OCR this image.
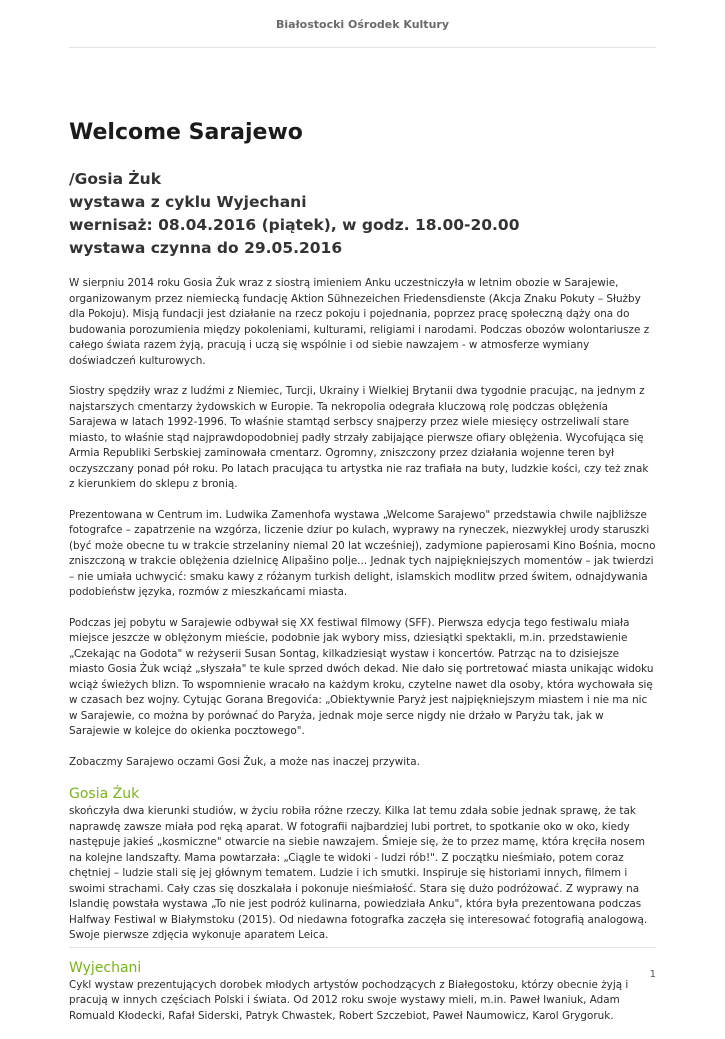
Białostocki Ośrodek Kultury
Welcome Sarajewo
/Gosia Żuk
wystawa z cyklu Wyjechani
wernisaż: 08.04.2016 (piątek), w godz. 18.00-20.00
wystawa czynna do 29.05.2016

W sierpniu 2014 roku Gosia Żuk wraz z siostrą imieniem Anku uczestniczyła w letnim obozie w Sarajewie, organizowanym przez niemiecką fundację Aktion Sühnezeichen Friedensdienste (Akcja Znaku Pokuty – Służby dla Pokoju). Misją fundacji jest działanie na rzecz pokoju i pojednania, poprzez pracę społeczną dąży ona do budowania porozumienia między pokoleniami, kulturami, religiami i narodami. Podczas obozów wolontariusze z całego świata razem żyją, pracują i uczą się wspólnie i od siebie nawzajem - w atmosferze wymiany doświadczeń kulturowych.

Siostry spędziły wraz z ludźmi z Niemiec, Turcji, Ukrainy i Wielkiej Brytanii dwa tygodnie pracując, na jednym z najstarszych cmentarzy żydowskich w Europie. Ta nekropolia odegrała kluczową rolę podczas oblężenia Sarajewa w latach 1992-1996. To właśnie stamtąd serbscy snajperzy przez wiele miesięcy ostrzeliwali stare miasto, to właśnie stąd najprawdopodobniej padły strzały zabijające pierwsze ofiary oblężenia. Wycofująca się Armia Republiki Serbskiej zaminowała cmentarz. Ogromny, zniszczony przez działania wojenne teren był oczyszczany ponad pół roku. Po latach pracująca tu artystka nie raz trafiała na buty, ludzkie kości, czy też znak z kierunkiem do sklepu z bronią.

Prezentowana w Centrum im. Ludwika Zamenhofa wystawa „Welcome Sarajewo" przedstawia chwile najbliższe fotografce – zapatrzenie na wzgórza, liczenie dziur po kulach, wyprawy na ryneczek, niezwykłej urody staruszki (być może obecne tu w trakcie strzelaniny niemal 20 lat wcześniej), zadymione papierosami Kino Bośnia, mocno zniszczoną w trakcie oblężenia dzielnicę Alipašino polje... Jednak tych najpiękniejszych momentów – jak twierdzi – nie umiała uchwycić: smaku kawy z różanym turkish delight, islamskich modlitw przed świtem, odnajdywania podobieństw języka, rozmów z mieszkańcami miasta.

Podczas jej pobytu w Sarajewie odbywał się XX festiwal filmowy (SFF). Pierwsza edycja tego festiwalu miała miejsce jeszcze w oblężonym mieście, podobnie jak wybory miss, dziesiątki spektakli, m.in. przedstawienie „Czekając na Godota" w reżyserii Susan Sontag, kilkadziesiąt wystaw i koncertów. Patrząc na to dzisiejsze miasto Gosia Żuk wciąż „słyszała" te kule sprzed dwóch dekad. Nie dało się portretować miasta unikając widoku wciąż świeżych blizn. To wspomnienie wracało na każdym kroku, czytelne nawet dla osoby, która wychowała się w czasach bez wojny. Cytując Gorana Bregovića: „Obiektywnie Paryż jest najpiękniejszym miastem i nie ma nic w Sarajewie, co można by porównać do Paryża, jednak moje serce nigdy nie drżało w Paryżu tak, jak w Sarajewie w kolejce do okienka pocztowego".

Zobaczmy Sarajewo oczami Gosi Żuk, a może nas inaczej przywita.

Gosia Żuk

skończyła dwa kierunki studiów, w życiu robiła różne rzeczy. Kilka lat temu zdała sobie jednak sprawę, że tak naprawdę zawsze miała pod ręką aparat. W fotografii najbardziej lubi portret, to spotkanie oko w oko, kiedy następuje jakieś „kosmiczne" otwarcie na siebie nawzajem. Śmieje się, że to przez mamę, która kręciła nosem na kolejne landszafty. Mama powtarzała: „Ciągle te widoki - ludzi rób!". Z początku nieśmiało, potem coraz chętniej – ludzie stali się jej głównym tematem. Ludzie i ich smutki. Inspiruje się historiami innych, filmem i swoimi strachami. Cały czas się doszkalała i pokonuje nieśmiałość. Stara się dużo podróżować. Z wyprawy na Islandię powstała wystawa „To nie jest podróż kulinarna, powiedziała Anku", która była prezentowana podczas Halfway Festiwal w Białymstoku (2015). Od niedawna fotografka zaczęła się interesować fotografią analogową. Swoje pierwsze zdjęcia wykonuje aparatem Leica.

Wyjechani

Cykl wystaw prezentujących dorobek młodych artystów pochodzących z Białegostoku, którzy obecnie żyją i pracują w innych częściach Polski i świata. Od 2012 roku swoje wystawy mieli, m.in. Paweł Iwaniuk, Adam Romuald Kłodecki, Rafał Siderski, Patryk Chwastek, Robert Szczebiot, Paweł Naumowicz, Karol Grygoruk.

1
